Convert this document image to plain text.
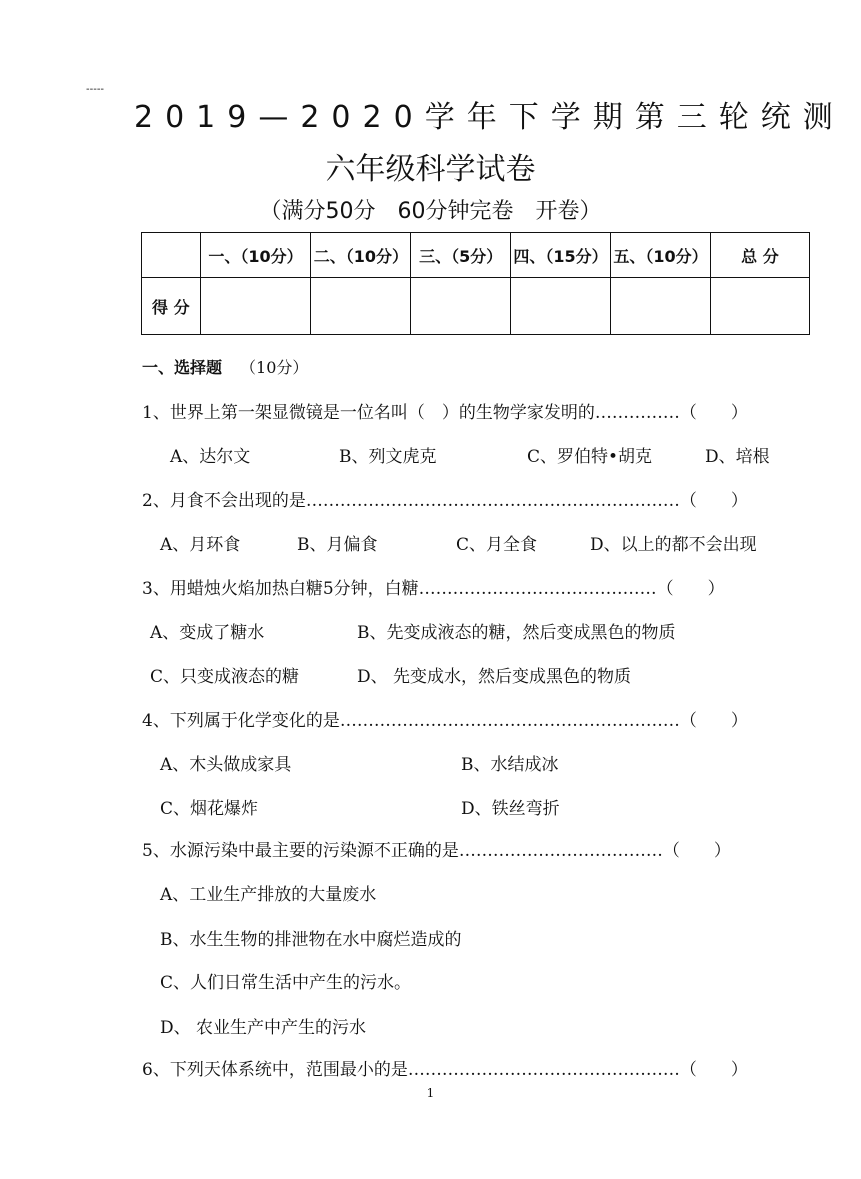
-----
2019—2020学年下学期第三轮统测
六年级科学试卷
（满分50分　60分钟完卷　开卷）
	一、（10分）	二、（10分）	三、（5分）	四、（15分）	五、（10分）	总 分
得 分						
一、选择题 （10分）
1、世界上第一架显微镜是一位名叫（　）的生物学家发明的……………（　　）
A、达尔文	B、列文虎克	C、罗伯特•胡克	D、培根
2、月食不会出现的是…………………………………………………………（　　）
A、月环食	B、月偏食	C、月全食	D、以上的都不会出现
3、用蜡烛火焰加热白糖5分钟，白糖……………………………………（　　）
A、变成了糖水	B、先变成液态的糖，然后变成黑色的物质
C、只变成液态的糖	D、 先变成水，然后变成黑色的物质
4、下列属于化学变化的是……………………………………………………（　　）
A、木头做成家具	B、水结成冰
C、烟花爆炸	D、铁丝弯折
5、水源污染中最主要的污染源不正确的是………………………………（　　）
A、工业生产排放的大量废水
B、水生生物的排泄物在水中腐烂造成的
C、人们日常生活中产生的污水。
D、 农业生产中产生的污水
6、下列天体系统中，范围最小的是…………………………………………（　　）
1
